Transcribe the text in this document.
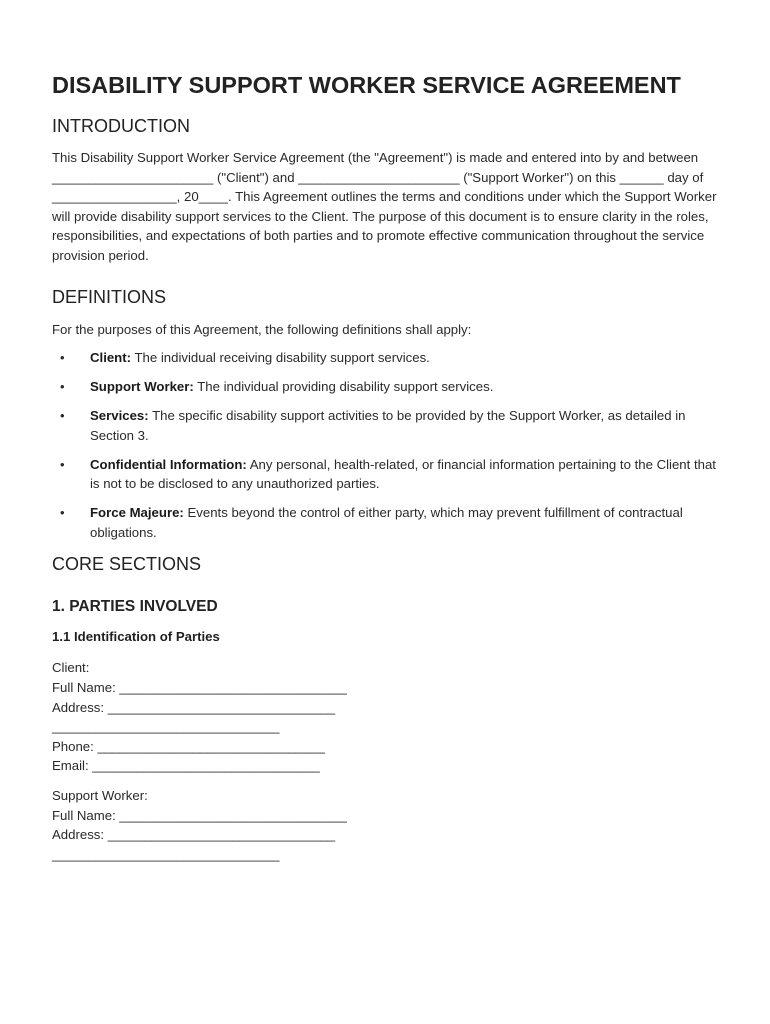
DISABILITY SUPPORT WORKER SERVICE AGREEMENT
INTRODUCTION

This Disability Support Worker Service Agreement (the "Agreement") is made and entered into by and between ______________________ ("Client") and ______________________ ("Support Worker") on this ______ day of _________________, 20____. This Agreement outlines the terms and conditions under which the Support Worker will provide disability support services to the Client. The purpose of this document is to ensure clarity in the roles, responsibilities, and expectations of both parties and to promote effective communication throughout the service provision period.

DEFINITIONS

For the purposes of this Agreement, the following definitions shall apply:

• Client: The individual receiving disability support services.
• Support Worker: The individual providing disability support services.
• Services: The specific disability support activities to be provided by the Support Worker, as detailed in Section 3.
• Confidential Information: Any personal, health-related, or financial information pertaining to the Client that is not to be disclosed to any unauthorized parties.
• Force Majeure: Events beyond the control of either party, which may prevent fulfillment of contractual obligations.
CORE SECTIONS
1. PARTIES INVOLVED

1.1 Identification of Parties

Client:

Full Name: _______________________________

Address: _______________________________

_______________________________

Phone: _______________________________

Email: _______________________________

Support Worker:

Full Name: _______________________________

Address: _______________________________

_______________________________
